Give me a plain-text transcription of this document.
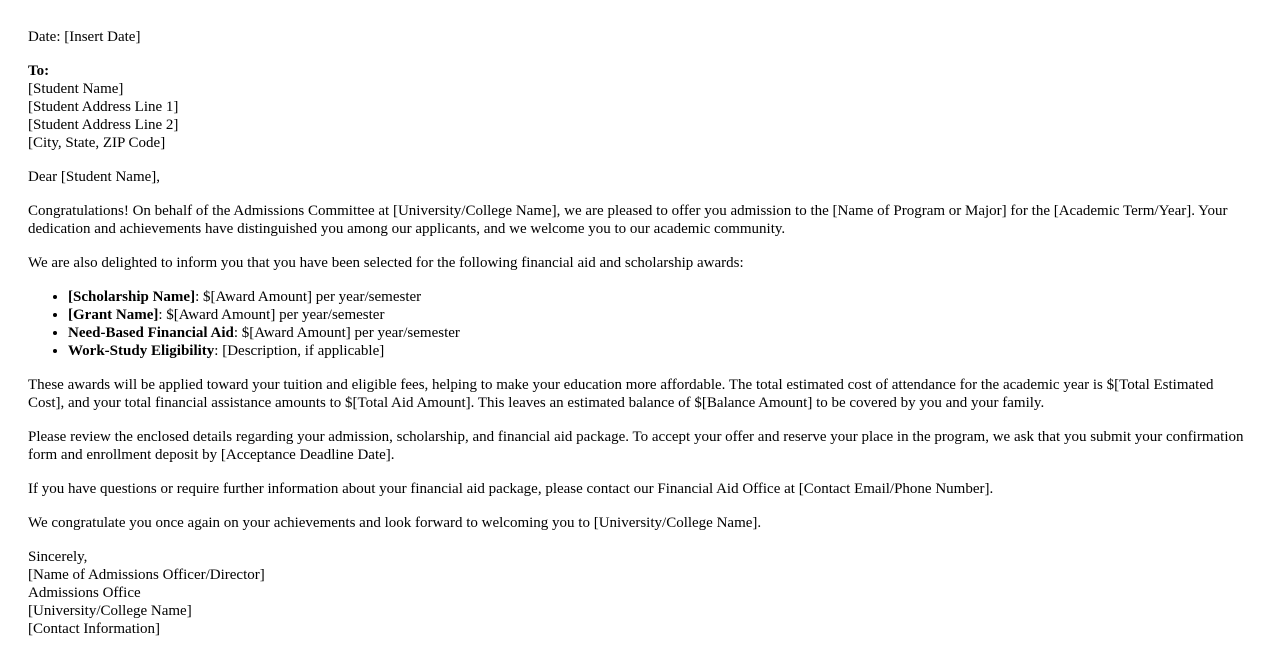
Date: [Insert Date]

To:
[Student Name]
[Student Address Line 1]
[Student Address Line 2]
[City, State, ZIP Code]

Dear [Student Name],

Congratulations! On behalf of the Admissions Committee at [University/College Name], we are pleased to offer you admission to the [Name of Program or Major] for the [Academic Term/Year]. Your dedication and achievements have distinguished you among our applicants, and we welcome you to our academic community.

We are also delighted to inform you that you have been selected for the following financial aid and scholarship awards:

• [Scholarship Name]: $[Award Amount] per year/semester
• [Grant Name]: $[Award Amount] per year/semester
• Need-Based Financial Aid: $[Award Amount] per year/semester
• Work-Study Eligibility: [Description, if applicable]

These awards will be applied toward your tuition and eligible fees, helping to make your education more affordable. The total estimated cost of attendance for the academic year is $[Total Estimated Cost], and your total financial assistance amounts to $[Total Aid Amount]. This leaves an estimated balance of $[Balance Amount] to be covered by you and your family.

Please review the enclosed details regarding your admission, scholarship, and financial aid package. To accept your offer and reserve your place in the program, we ask that you submit your confirmation form and enrollment deposit by [Acceptance Deadline Date].

If you have questions or require further information about your financial aid package, please contact our Financial Aid Office at [Contact Email/Phone Number].

We congratulate you once again on your achievements and look forward to welcoming you to [University/College Name].

Sincerely,
[Name of Admissions Officer/Director]
Admissions Office
[University/College Name]
[Contact Information]
